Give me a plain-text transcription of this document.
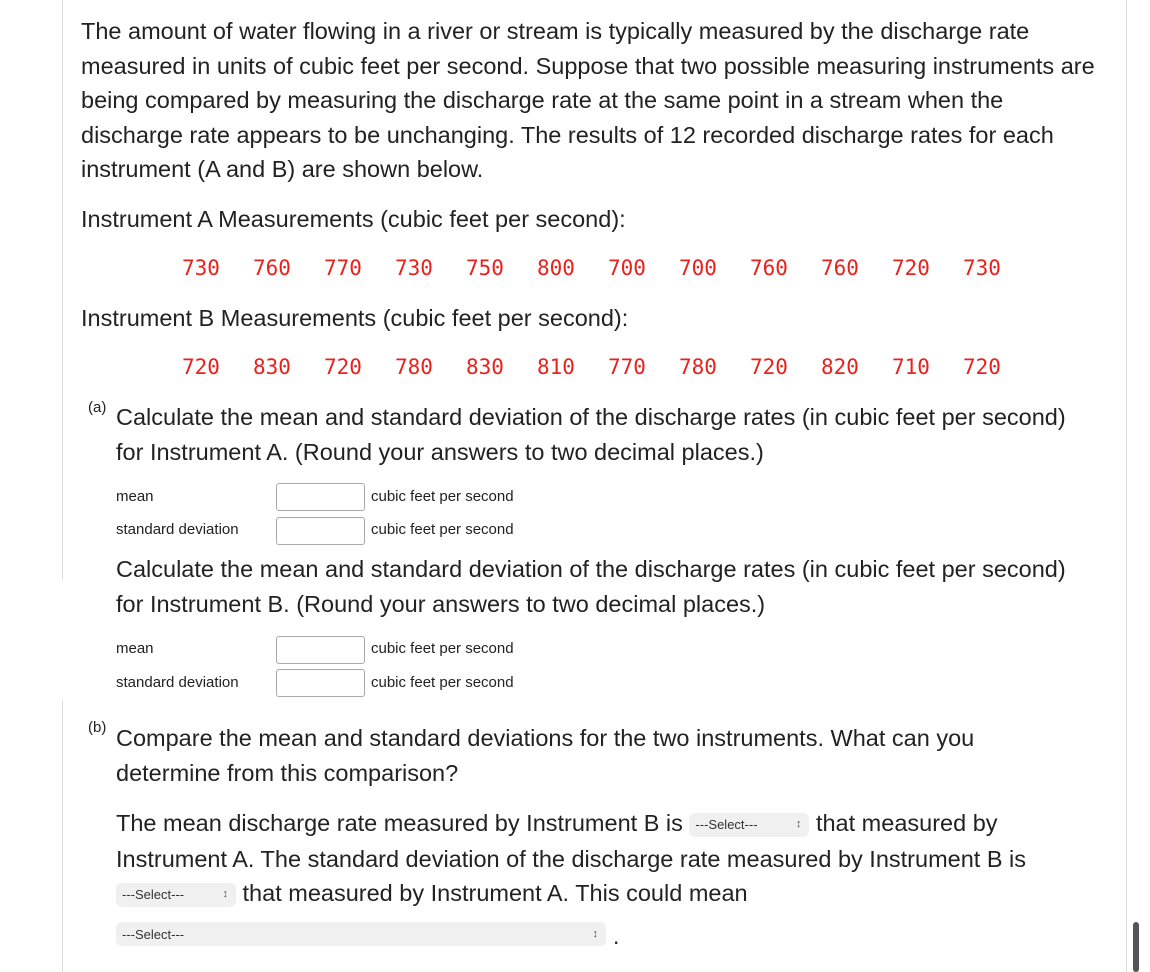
The amount of water flowing in a river or stream is typically measured by the discharge rate measured in units of cubic feet per second. Suppose that two possible measuring instruments are being compared by measuring the discharge rate at the same point in a stream when the discharge rate appears to be unchanging. The results of 12 recorded discharge rates for each instrument (A and B) are shown below.

Instrument A Measurements (cubic feet per second):

730 760 770 730 750 800 700 700 760 760 720 730

Instrument B Measurements (cubic feet per second):

720 830 720 780 830 810 770 780 720 820 710 720

(a) Calculate the mean and standard deviation of the discharge rates (in cubic feet per second) for Instrument A. (Round your answers to two decimal places.)

mean	cubic feet per second
standard deviation	cubic feet per second

Calculate the mean and standard deviation of the discharge rates (in cubic feet per second) for Instrument B. (Round your answers to two decimal places.)

mean	cubic feet per second
standard deviation	cubic feet per second
(b) Compare the mean and standard deviations for the two instruments. What can you determine from this comparison?

The mean discharge rate measured by Instrument B is ---Select---	↕ that measured by

Instrument A. The standard deviation of the discharge rate measured by Instrument B is

---Select---	↕ that measured by Instrument A. This could mean

---Select---	↕ .
